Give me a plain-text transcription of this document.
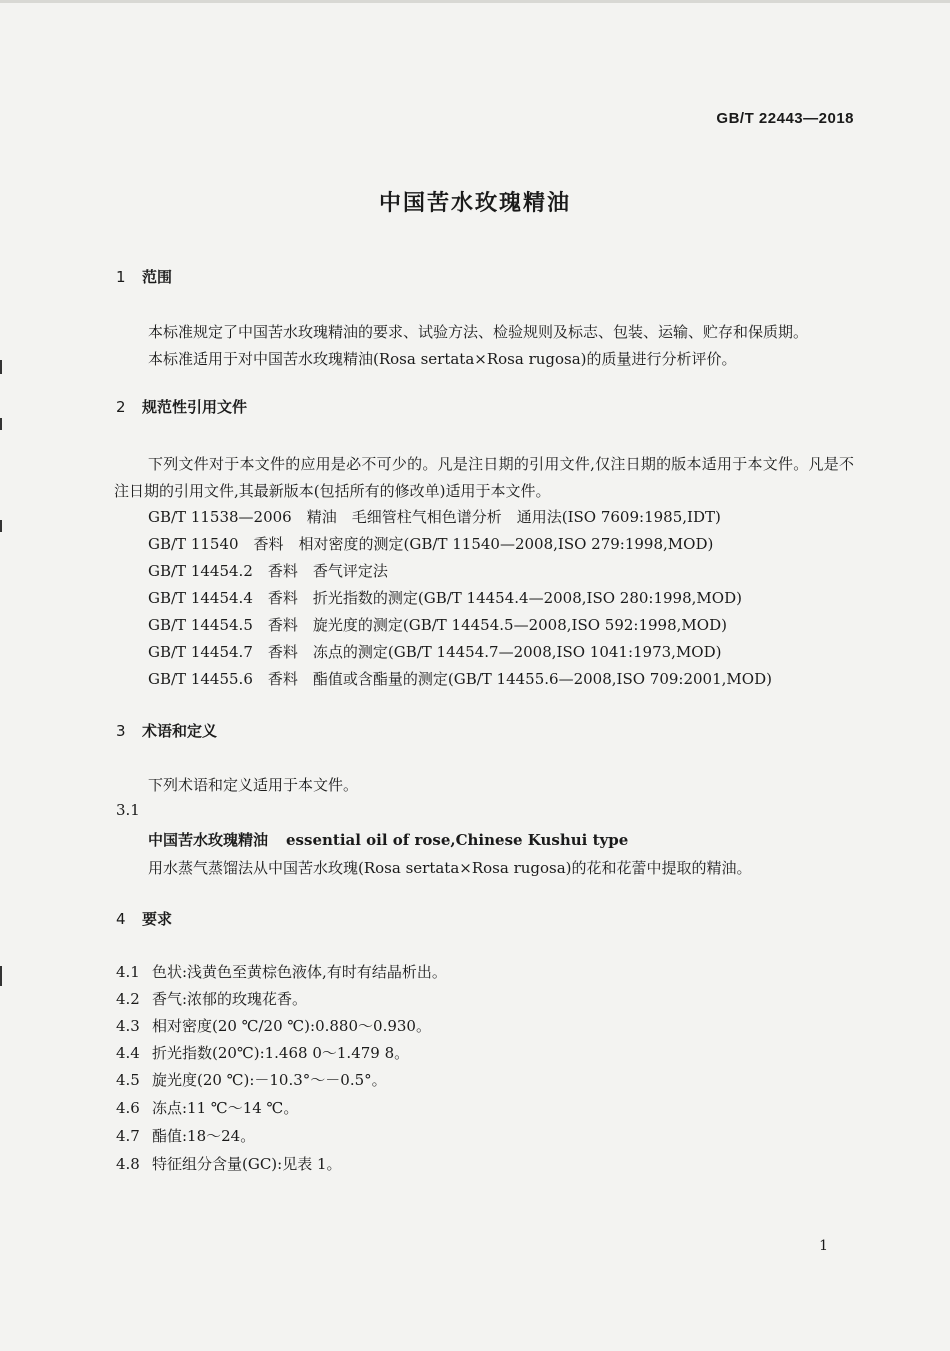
GB/T 22443—2018
中国苦水玫瑰精油
1 范围
本标准规定了中国苦水玫瑰精油的要求、试验方法、检验规则及标志、包装、运输、贮存和保质期。
本标准适用于对中国苦水玫瑰精油(Rosa sertata×Rosa rugosa)的质量进行分析评价。
2 规范性引用文件
下列文件对于本文件的应用是必不可少的。凡是注日期的引用文件,仅注日期的版本适用于本文件。凡是不注日期的引用文件,其最新版本(包括所有的修改单)适用于本文件。
GB/T 11538—2006　精油　毛细管柱气相色谱分析　通用法(ISO 7609:1985,IDT)
GB/T 11540　香料　相对密度的测定(GB/T 11540—2008,ISO 279:1998,MOD)
GB/T 14454.2　香料　香气评定法
GB/T 14454.4　香料　折光指数的测定(GB/T 14454.4—2008,ISO 280:1998,MOD)
GB/T 14454.5　香料　旋光度的测定(GB/T 14454.5—2008,ISO 592:1998,MOD)
GB/T 14454.7　香料　冻点的测定(GB/T 14454.7—2008,ISO 1041:1973,MOD)
GB/T 14455.6　香料　酯值或含酯量的测定(GB/T 14455.6—2008,ISO 709:2001,MOD)
3 术语和定义
下列术语和定义适用于本文件。
3.1
中国苦水玫瑰精油 essential oil of rose,Chinese Kushui type
用水蒸气蒸馏法从中国苦水玫瑰(Rosa sertata×Rosa rugosa)的花和花蕾中提取的精油。
4 要求
4.1 色状:浅黄色至黄棕色液体,有时有结晶析出。
4.2 香气:浓郁的玫瑰花香。
4.3 相对密度(20 ℃/20 ℃):0.880～0.930。
4.4 折光指数(20℃):1.468 0～1.479 8。
4.5 旋光度(20 ℃):－10.3°～－0.5°。
4.6 冻点:11 ℃～14 ℃。
4.7 酯值:18～24。
4.8 特征组分含量(GC):见表 1。
1
